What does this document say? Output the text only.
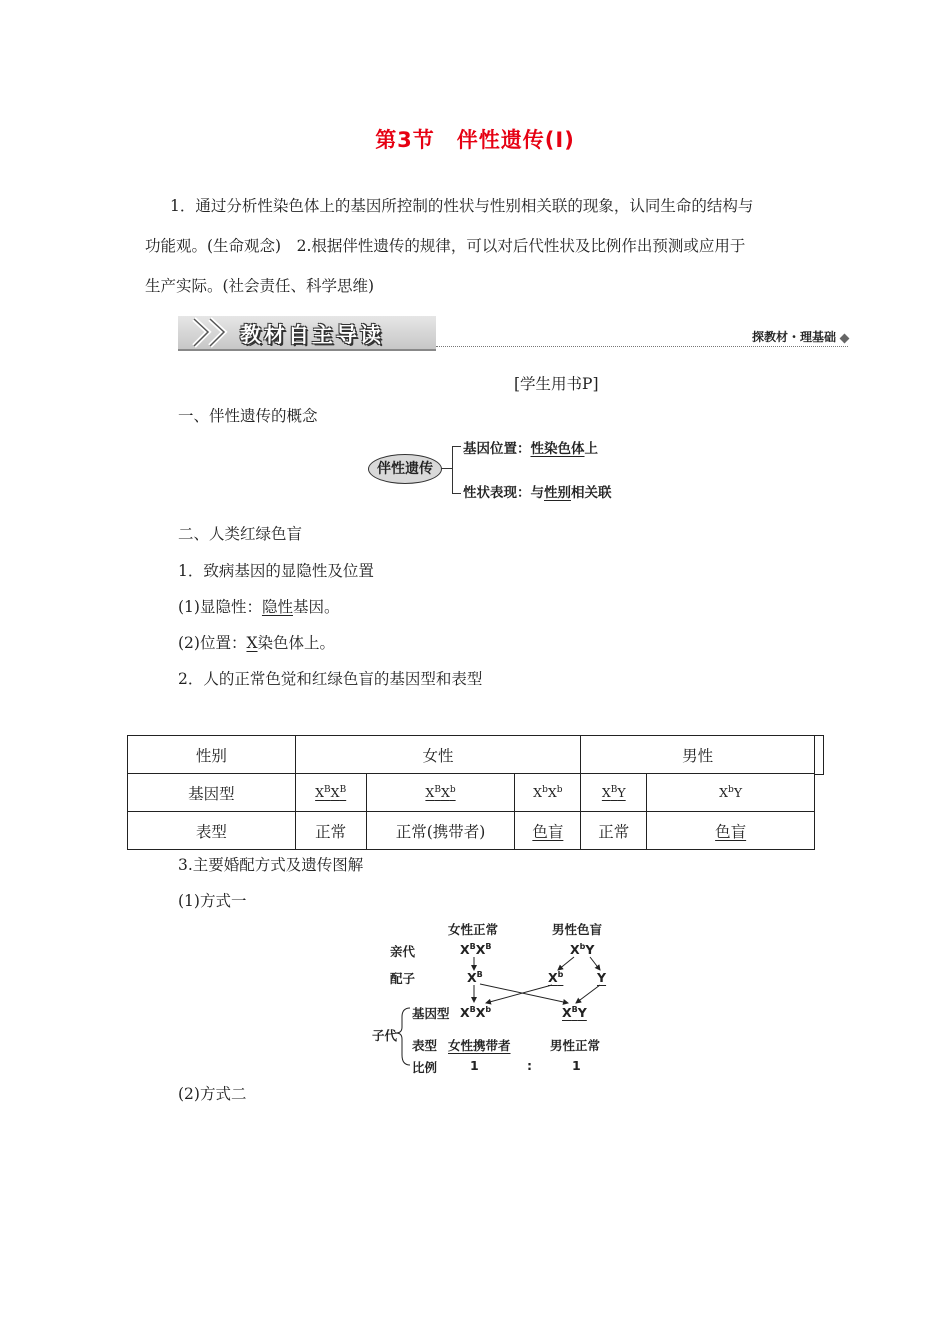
第3节　伴性遗传(Ⅰ)
1．通过分析性染色体上的基因所控制的性状与性别相关联的现象，认同生命的结构与
功能观。(生命观念)　2.根据伴性遗传的规律，可以对后代性状及比例作出预测或应用于
生产实际。(社会责任、科学思维)
教材自主导读	探教材・理基础
[学生用书P]
一、伴性遗传的概念
伴性遗传
基因位置：性染色体上
性状表现：与性别相关联
二、人类红绿色盲
1．致病基因的显隐性及位置
(1)显隐性：隐性基因。
(2)位置：X染色体上。
2．人的正常色觉和红绿色盲的基因型和表型
性别	女性			男性	
基因型	$X^BX^B$	$X^BX^b$	$X^bX^b$	$X^BY$	$X^bY$
表型	正常	正常(携带者)	色盲	正常	色盲
3.主要婚配方式及遗传图解
(1)方式一
女性正常	男性色盲
亲代	$X^BX^B$	$X^bY$
配子	$X^B$	$X^b$	Y
子代
基因型 $X^BX^b$	$X^BY$
表型 女性携带者	男性正常
比例	1	:	1
(2)方式二
